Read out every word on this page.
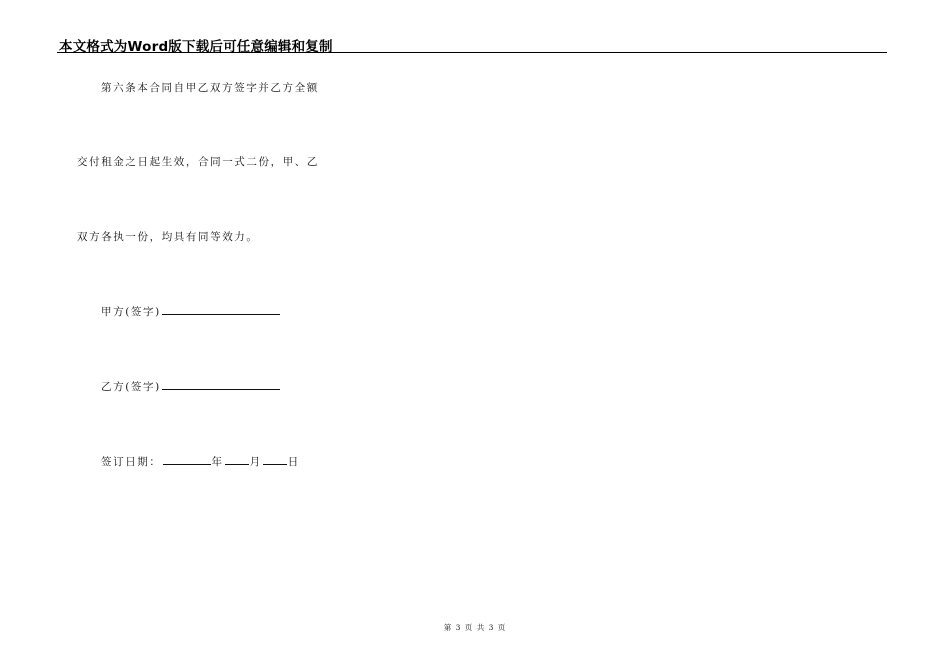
本文格式为Word版下载后可任意编辑和复制
第六条本合同自甲乙双方签字并乙方全额
交付租金之日起生效，合同一式二份，甲、乙
双方各执一份，均具有同等效力。
甲方(签字)
乙方(签字)
签订日期：	年 月 日
第 3 页 共 3 页
